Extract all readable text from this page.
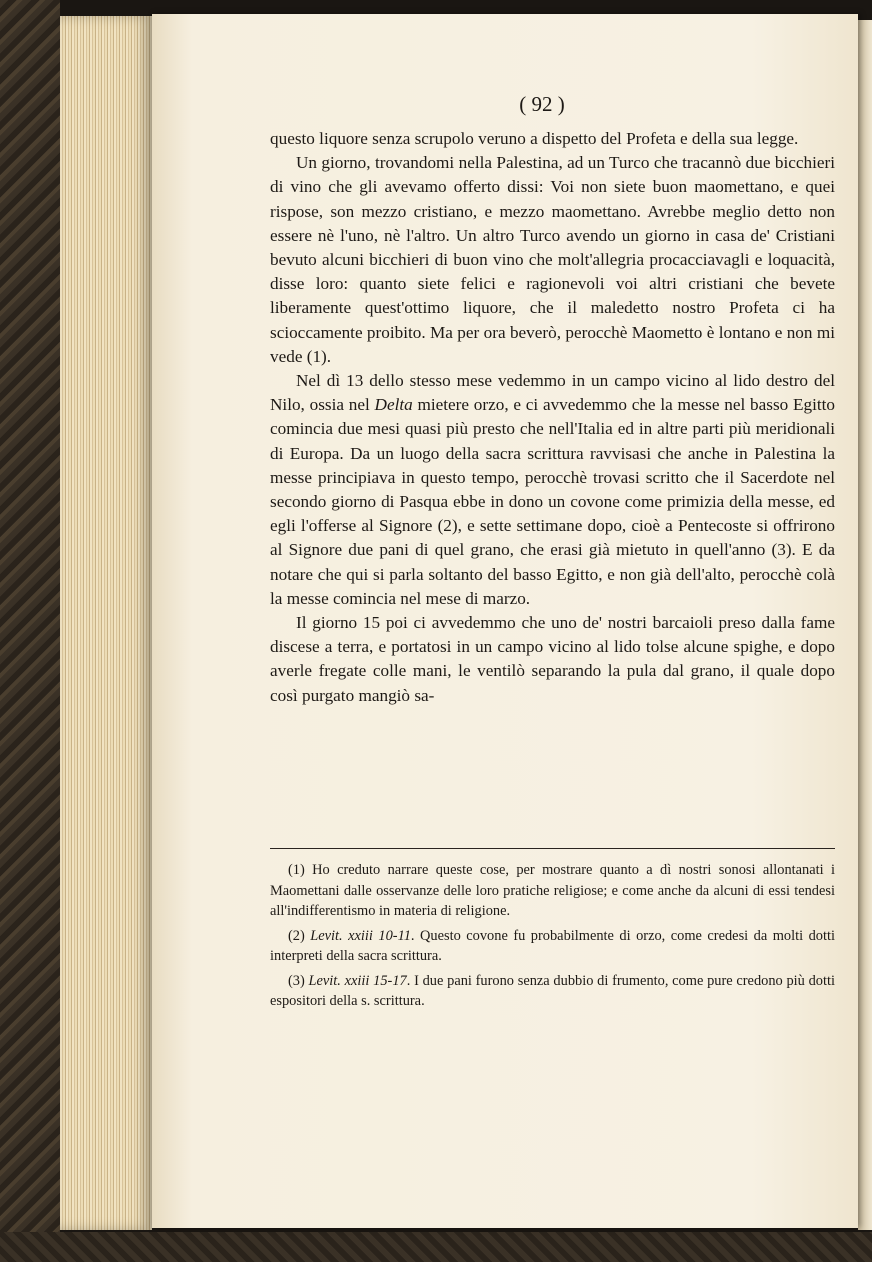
( 92 )

questo liquore senza scrupolo veruno a dispetto del Profeta e della sua legge.

Un giorno, trovandomi nella Palestina, ad un Turco che tracannò due bicchieri di vino che gli avevamo offerto dissi: Voi non siete buon maomettano, e quei rispose, son mezzo cristiano, e mezzo maomettano. Avrebbe meglio detto non essere nè l'uno, nè l'altro. Un altro Turco avendo un giorno in casa de' Cristiani bevuto alcuni bicchieri di buon vino che molt'allegria procacciavagli e loquacità, disse loro: quanto siete felici e ragionevoli voi altri cristiani che bevete liberamente quest'ottimo liquore, che il maledetto nostro Profeta ci ha scioccamente proibito. Ma per ora beverò, perocchè Maometto è lontano e non mi vede (1).

Nel dì 13 dello stesso mese vedemmo in un campo vicino al lido destro del Nilo, ossia nel Delta mietere orzo, e ci avvedemmo che la messe nel basso Egitto comincia due mesi quasi più presto che nell'Italia ed in altre parti più meridionali di Europa. Da un luogo della sacra scrittura ravvisasi che anche in Palestina la messe principiava in questo tempo, perocchè trovasi scritto che il Sacerdote nel secondo giorno di Pasqua ebbe in dono un covone come primizia della messe, ed egli l'offerse al Signore (2), e sette settimane dopo, cioè a Pentecoste si offrirono al Signore due pani di quel grano, che erasi già mietuto in quell'anno (3). E da notare che qui si parla soltanto del basso Egitto, e non già dell'alto, perocchè colà la messe comincia nel mese di marzo.

Il giorno 15 poi ci avvedemmo che uno de' nostri barcaioli preso dalla fame discese a terra, e portatosi in un campo vicino al lido tolse alcune spighe, e dopo averle fregate colle mani, le ventilò separando la pula dal grano, il quale dopo così purgato mangiò sa-

(1) Ho creduto narrare queste cose, per mostrare quanto a dì nostri sonosi allontanati i Maomettani dalle osservanze delle loro pratiche religiose; e come anche da alcuni di essi tendesi all'indifferentismo in materia di religione.

(2) Levit. xxiii 10-11. Questo covone fu probabilmente di orzo, come credesi da molti dotti interpreti della sacra scrittura.

(3) Levit. xxiii 15-17. I due pani furono senza dubbio di frumento, come pure credono più dotti espositori della s. scrittura.
